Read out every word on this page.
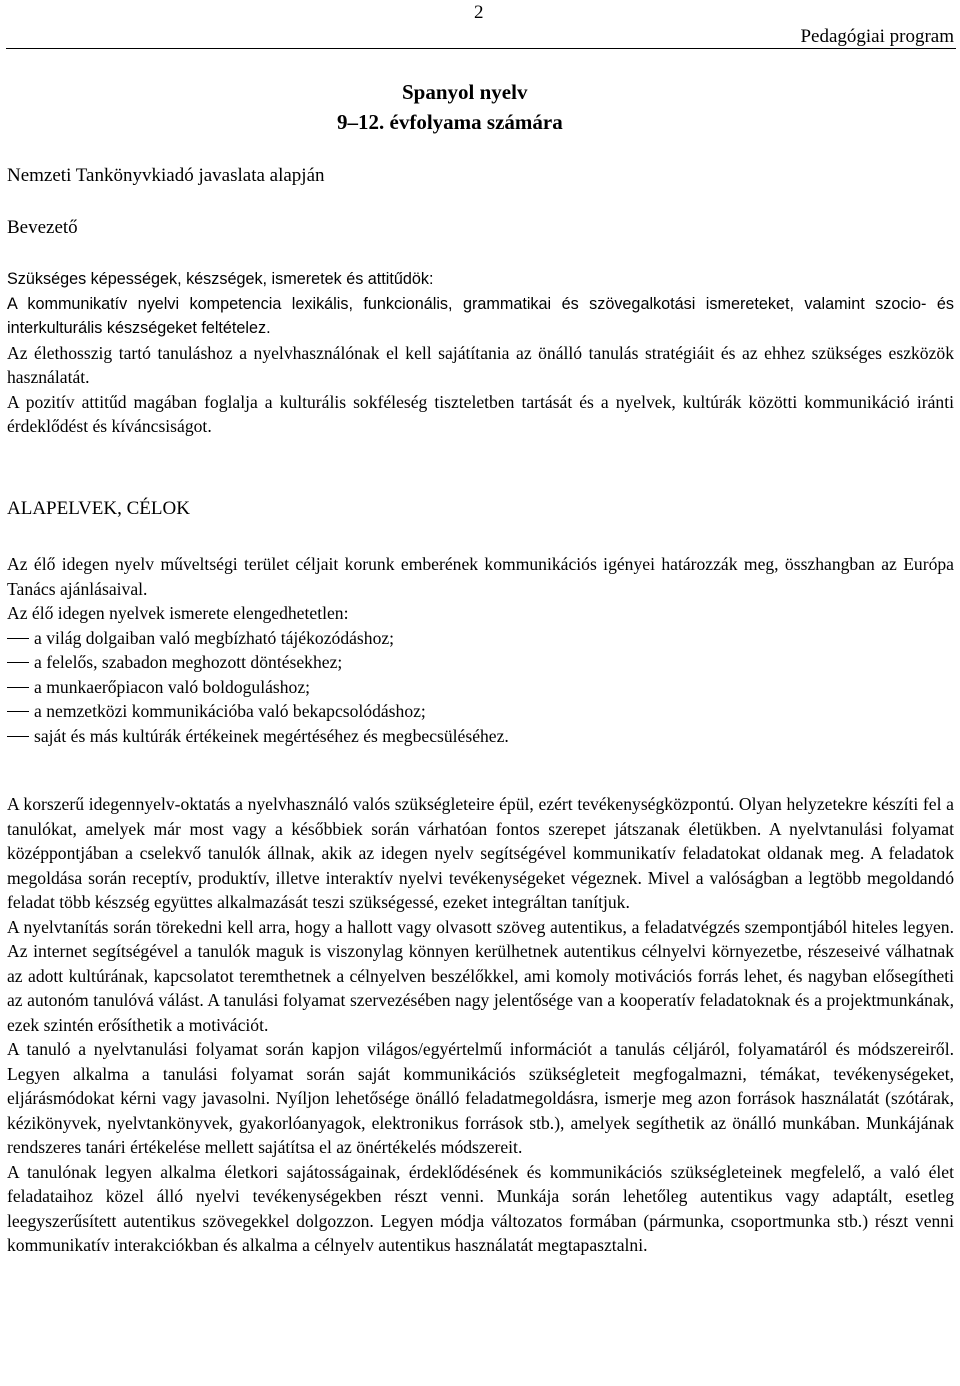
2
Pedagógiai program
Spanyol nyelv
9–12. évfolyama számára
Nemzeti Tankönyvkiadó javaslata alapján
Bevezető

Szükséges képességek, készségek, ismeretek és attitűdök:

A kommunikatív nyelvi kompetencia lexikális, funkcionális, grammatikai és szövegalkotási ismereteket, valamint szocio- és interkulturális készségeket feltételez.

Az élethosszig tartó tanuláshoz a nyelvhasználónak el kell sajátítania az önálló tanulás stratégiáit és az ehhez szükséges eszközök használatát.

A pozitív attitűd magában foglalja a kulturális sokféleség tiszteletben tartását és a nyelvek, kultúrák közötti kommunikáció iránti érdeklődést és kíváncsiságot.

ALAPELVEK, CÉLOK

Az élő idegen nyelv műveltségi terület céljait korunk emberének kommunikációs igényei határozzák meg, összhangban az Európa Tanács ajánlásaival.

Az élő idegen nyelvek ismerete elengedhetetlen:

a világ dolgaiban való megbízható tájékozódáshoz;

a felelős, szabadon meghozott döntésekhez;

a munkaerőpiacon való boldoguláshoz;

a nemzetközi kommunikációba való bekapcsolódáshoz;

saját és más kultúrák értékeinek megértéséhez és megbecsüléséhez.

A korszerű idegennyelv-oktatás a nyelvhasználó valós szükségleteire épül, ezért tevékenységközpontú. Olyan helyzetekre készíti fel a tanulókat, amelyek már most vagy a későbbiek során várhatóan fontos szerepet játszanak életükben. A nyelvtanulási folyamat középpontjában a cselekvő tanulók állnak, akik az idegen nyelv segítségével kommunikatív feladatokat oldanak meg. A feladatok megoldása során receptív, produktív, illetve interaktív nyelvi tevékenységeket végeznek. Mivel a valóságban a legtöbb megoldandó feladat több készség együttes alkalmazását teszi szükségessé, ezeket integráltan tanítjuk.

A nyelvtanítás során törekedni kell arra, hogy a hallott vagy olvasott szöveg autentikus, a feladatvégzés szempontjából hiteles legyen. Az internet segítségével a tanulók maguk is viszonylag könnyen kerülhetnek autentikus célnyelvi környezetbe, részeseivé válhatnak az adott kultúrának, kapcsolatot teremthetnek a célnyelven beszélőkkel, ami komoly motivációs forrás lehet, és nagyban elősegítheti az autonóm tanulóvá válást. A tanulási folyamat szervezésében nagy jelentősége van a kooperatív feladatoknak és a projektmunkának, ezek szintén erősíthetik a motivációt.

A tanuló a nyelvtanulási folyamat során kapjon világos/egyértelmű információt a tanulás céljáról, folyamatáról és módszereiről. Legyen alkalma a tanulási folyamat során saját kommunikációs szükségleteit megfogalmazni, témákat, tevékenységeket, eljárásmódokat kérni vagy javasolni. Nyíljon lehetősége önálló feladatmegoldásra, ismerje meg azon források használatát (szótárak, kézikönyvek, nyelvtankönyvek, gyakorlóanyagok, elektronikus források stb.), amelyek segíthetik az önálló munkában. Munkájának rendszeres tanári értékelése mellett sajátítsa el az önértékelés módszereit.

A tanulónak legyen alkalma életkori sajátosságainak, érdeklődésének és kommunikációs szükségleteinek megfelelő, a való élet feladataihoz közel álló nyelvi tevékenységekben részt venni. Munkája során lehetőleg autentikus vagy adaptált, esetleg leegyszerűsített autentikus szövegekkel dolgozzon. Legyen módja változatos formában (pármunka, csoportmunka stb.) részt venni kommunikatív interakciókban és alkalma a célnyelv autentikus használatát megtapasztalni.
